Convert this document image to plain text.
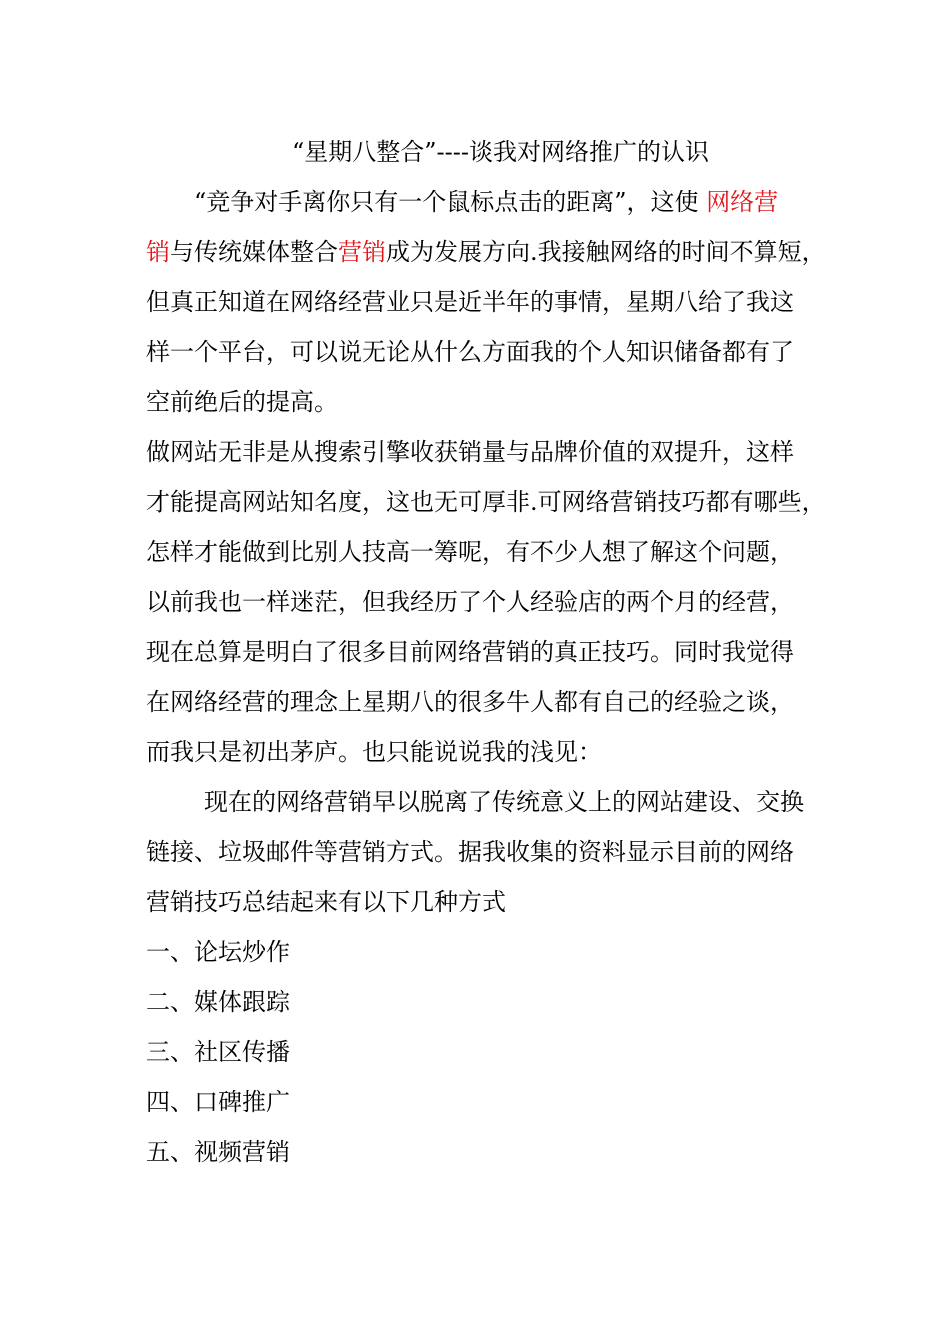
“星期八整合”----谈我对网络推广的认识
“竞争对手离你只有一个鼠标点击的距离”，这使 网络营
销与传统媒体整合营销成为发展方向.我接触网络的时间不算短，
但真正知道在网络经营业只是近半年的事情，星期八给了我这
样一个平台，可以说无论从什么方面我的个人知识储备都有了
空前绝后的提高。
做网站无非是从搜索引擎收获销量与品牌价值的双提升，这样
才能提高网站知名度，这也无可厚非.可网络营销技巧都有哪些，
怎样才能做到比别人技高一筹呢，有不少人想了解这个问题，
以前我也一样迷茫，但我经历了个人经验店的两个月的经营，
现在总算是明白了很多目前网络营销的真正技巧。同时我觉得
在网络经营的理念上星期八的很多牛人都有自己的经验之谈，
而我只是初出茅庐。也只能说说我的浅见：
现在的网络营销早以脱离了传统意义上的网站建设、交换
链接、垃圾邮件等营销方式。据我收集的资料显示目前的网络
营销技巧总结起来有以下几种方式
一、论坛炒作
二、媒体跟踪
三、社区传播
四、口碑推广
五、视频营销
